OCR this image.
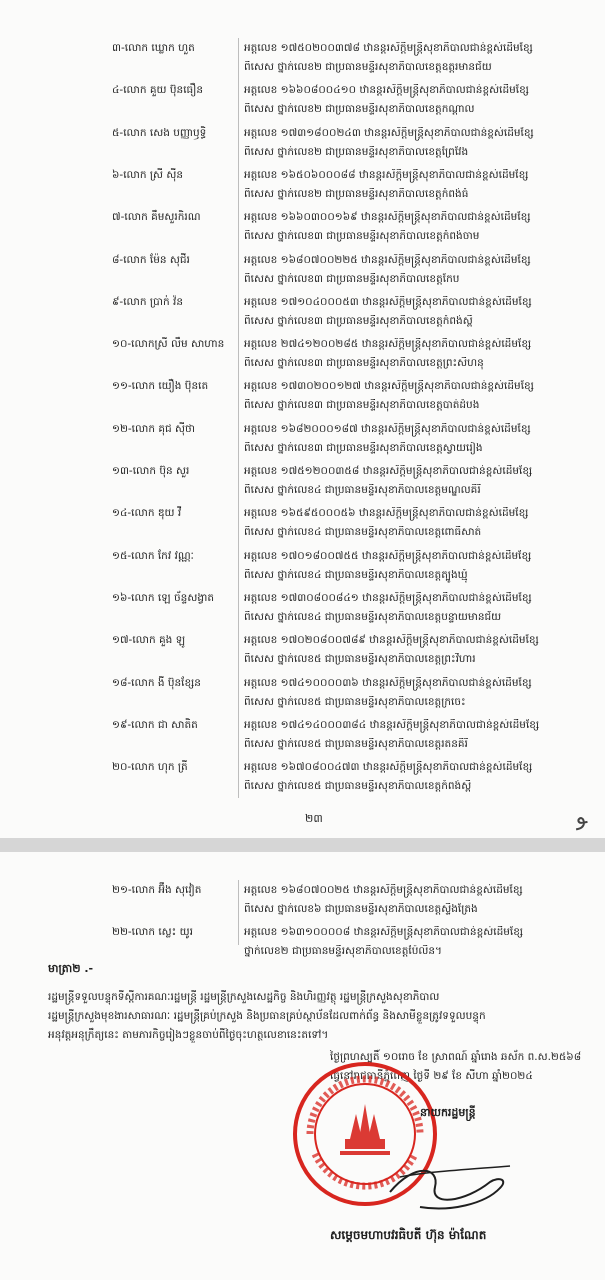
៣-លោក ឃ្លោក ហួត	អត្តលេខ ១៧៥០២០០៣៧៨ ឋានន្តរស័ក្តិមន្ត្រីសុខាភិបាលជាន់ខ្ពស់ដើមខ្សែ
ពិសេស ថ្នាក់លេខ២ ជាប្រធានមន្ទីរសុខាភិបាលខេត្តឧត្តរមានជ័យ
៤-លោក គួយ ប៊ុនធឿន	អត្តលេខ ១៦៦០៨០០៤១០ ឋានន្តរស័ក្តិមន្ត្រីសុខាភិបាលជាន់ខ្ពស់ដើមខ្សែ
ពិសេស ថ្នាក់លេខ២ ជាប្រធានមន្ទីរសុខាភិបាលខេត្តកណ្តាល
៥-លោក សេង បញ្ញាឫទ្ធិ	អត្តលេខ ១៧៣១៨០០២៤៣ ឋានន្តរស័ក្តិមន្ត្រីសុខាភិបាលជាន់ខ្ពស់ដើមខ្សែ
ពិសេស ថ្នាក់លេខ២ ជាប្រធានមន្ទីរសុខាភិបាលខេត្តព្រៃវែង
៦-លោក ស្រី ស៊ីន	អត្តលេខ ១៦៥០៦០០០៨៨ ឋានន្តរស័ក្តិមន្ត្រីសុខាភិបាលជាន់ខ្ពស់ដើមខ្សែ
ពិសេស ថ្នាក់លេខ២ ជាប្រធានមន្ទីរសុខាភិបាលខេត្តកំពង់ធំ
៧-លោក គឹមសួរកិរណ	អត្តលេខ ១៦៦០៣០០១៦៩ ឋានន្តរស័ក្តិមន្ត្រីសុខាភិបាលជាន់ខ្ពស់ដើមខ្សែ
ពិសេស ថ្នាក់លេខ៣ ជាប្រធានមន្ទីរសុខាភិបាលខេត្តកំពង់ចាម
៨-លោក ម៉ែន សុជីរ	អត្តលេខ ១៦៨០៧០០២២៥ ឋានន្តរស័ក្តិមន្ត្រីសុខាភិបាលជាន់ខ្ពស់ដើមខ្សែ
ពិសេស ថ្នាក់លេខ៣ ជាប្រធានមន្ទីរសុខាភិបាលខេត្តកែប
៩-លោក ប្រាក់ វ៉ន	អត្តលេខ ១៧១០៤០០០៥៣ ឋានន្តរស័ក្តិមន្ត្រីសុខាភិបាលជាន់ខ្ពស់ដើមខ្សែ
ពិសេស ថ្នាក់លេខ៣ ជាប្រធានមន្ទីរសុខាភិបាលខេត្តកំពង់ស្ពឺ
១០-លោកស្រី លឹម សាហាន	អត្តលេខ ២៧៤១២០០២៨៥ ឋានន្តរស័ក្តិមន្ត្រីសុខាភិបាលជាន់ខ្ពស់ដើមខ្សែ
ពិសេស ថ្នាក់លេខ៣ ជាប្រធានមន្ទីរសុខាភិបាលខេត្តព្រះសីហនុ
១១-លោក យឿង ប៊ុនតេ	អត្តលេខ ១៧៣០២០០១២៧ ឋានន្តរស័ក្តិមន្ត្រីសុខាភិបាលជាន់ខ្ពស់ដើមខ្សែ
ពិសេស ថ្នាក់លេខ៣ ជាប្រធានមន្ទីរសុខាភិបាលខេត្តបាត់ដំបង
១២-លោក គុជ ស៊ីថា	អត្តលេខ ១៦៨២០០០១៨៧ ឋានន្តរស័ក្តិមន្ត្រីសុខាភិបាលជាន់ខ្ពស់ដើមខ្សែ
ពិសេស ថ្នាក់លេខ៣ ជាប្រធានមន្ទីរសុខាភិបាលខេត្តស្វាយរៀង
១៣-លោក ប៊ុន សួរ	អត្តលេខ ១៧៥១២០០៣៥៨ ឋានន្តរស័ក្តិមន្ត្រីសុខាភិបាលជាន់ខ្ពស់ដើមខ្សែ
ពិសេស ថ្នាក់លេខ៤ ជាប្រធានមន្ទីរសុខាភិបាលខេត្តមណ្ឌលគិរី
១៤-លោក ឌុយ វី	អត្តលេខ ១៦៥៩៥០០០៥៦ ឋានន្តរស័ក្តិមន្ត្រីសុខាភិបាលជាន់ខ្ពស់ដើមខ្សែ
ពិសេស ថ្នាក់លេខ៤ ជាប្រធានមន្ទីរសុខាភិបាលខេត្តពោធិ៍សាត់
១៥-លោក កែវ វណ្ណៈ	អត្តលេខ ១៧០១៨០០៧៥៥ ឋានន្តរស័ក្តិមន្ត្រីសុខាភិបាលជាន់ខ្ពស់ដើមខ្សែ
ពិសេស ថ្នាក់លេខ៤ ជាប្រធានមន្ទីរសុខាភិបាលខេត្តត្បូងឃ្មុំ
១៦-លោក ឡេ ច័ន្ទសង្វាត	អត្តលេខ ១៧៣០៨០០៨៤១ ឋានន្តរស័ក្តិមន្ត្រីសុខាភិបាលជាន់ខ្ពស់ដើមខ្សែ
ពិសេស ថ្នាក់លេខ៤ ជាប្រធានមន្ទីរសុខាភិបាលខេត្តបន្ទាយមានជ័យ
១៧-លោក គួង ឡូ	អត្តលេខ ១៧០២០៨០០៧៨៩ ឋានន្តរស័ក្តិមន្ត្រីសុខាភិបាលជាន់ខ្ពស់ដើមខ្សែ
ពិសេស ថ្នាក់លេខ៥ ជាប្រធានមន្ទីរសុខាភិបាលខេត្តព្រះវិហារ
១៨-លោក ងី ប៊ុនខ្សែន	អត្តលេខ ១៧៤១០០០០៣៦ ឋានន្តរស័ក្តិមន្ត្រីសុខាភិបាលជាន់ខ្ពស់ដើមខ្សែ
ពិសេស ថ្នាក់លេខ៥ ជាប្រធានមន្ទីរសុខាភិបាលខេត្តក្រចេះ
១៩-លោក ជា សាតិត	អត្តលេខ ១៧៤១៤០០០៣៨៤ ឋានន្តរស័ក្តិមន្ត្រីសុខាភិបាលជាន់ខ្ពស់ដើមខ្សែ
ពិសេស ថ្នាក់លេខ៥ ជាប្រធានមន្ទីរសុខាភិបាលខេត្តរតនគិរី
២០-លោក ហុក ត្រី	អត្តលេខ ១៦៧០៨០០៤៧៣ ឋានន្តរស័ក្តិមន្ត្រីសុខាភិបាលជាន់ខ្ពស់ដើមខ្សែ
ពិសេស ថ្នាក់លេខ៥ ជាប្រធានមន្ទីរសុខាភិបាលខេត្តកំពង់ស្ពឺ
២៣	ﻮ
២១-លោក អ៊ឹង សុវៀត	អត្តលេខ ១៦៨០៧០០២៥ ឋានន្តរស័ក្តិមន្ត្រីសុខាភិបាលជាន់ខ្ពស់ដើមខ្សែ
ពិសេស ថ្នាក់លេខ៦ ជាប្រធានមន្ទីរសុខាភិបាលខេត្តស្ទឹងត្រែង
២២-លោក ស្លេះ យូរ	អត្តលេខ ១៦៣១០០០០៨ ឋានន្តរស័ក្តិមន្ត្រីសុខាភិបាលជាន់ខ្ពស់ដើមខ្សែ
ថ្នាក់លេខ២ ជាប្រធានមន្ទីរសុខាភិបាលខេត្តប៉ៃលិន។
មាត្រា២ .-
រដ្ឋមន្ត្រីទទួលបន្ទុកទីស្ដីការគណៈរដ្ឋមន្ត្រី រដ្ឋមន្ត្រីក្រសួងសេដ្ឋកិច្ច និងហិរញ្ញវត្ថុ រដ្ឋមន្ត្រីក្រសួងសុខាភិបាល
រដ្ឋមន្ត្រីក្រសួងមុខងារសាធារណៈ រដ្ឋមន្ត្រីគ្រប់ក្រសួង និងប្រធានគ្រប់ស្ថាប័នដែលពាក់ព័ន្ធ និងសាមីខ្លួនត្រូវទទួលបន្ទុក
អនុវត្តអនុក្រឹត្យនេះ តាមភារកិច្ចរៀងៗខ្លួនចាប់ពីថ្ងៃចុះហត្ថលេខានេះតទៅ។
ថ្ងៃព្រហស្បតិ៍ ១០រោច ខែ ស្រាពណ៍ ឆ្នាំរោង ឆស័ក ព.ស.២៥៦៨
ធ្វើនៅរាជធានីភ្នំពេញ ថ្ងៃទី ២៩ ខែ សីហា ឆ្នាំ២០២៤
នាយករដ្ឋមន្ត្រី
សម្តេចមហាបវរធិបតី ហ៊ុន ម៉ាណែត
